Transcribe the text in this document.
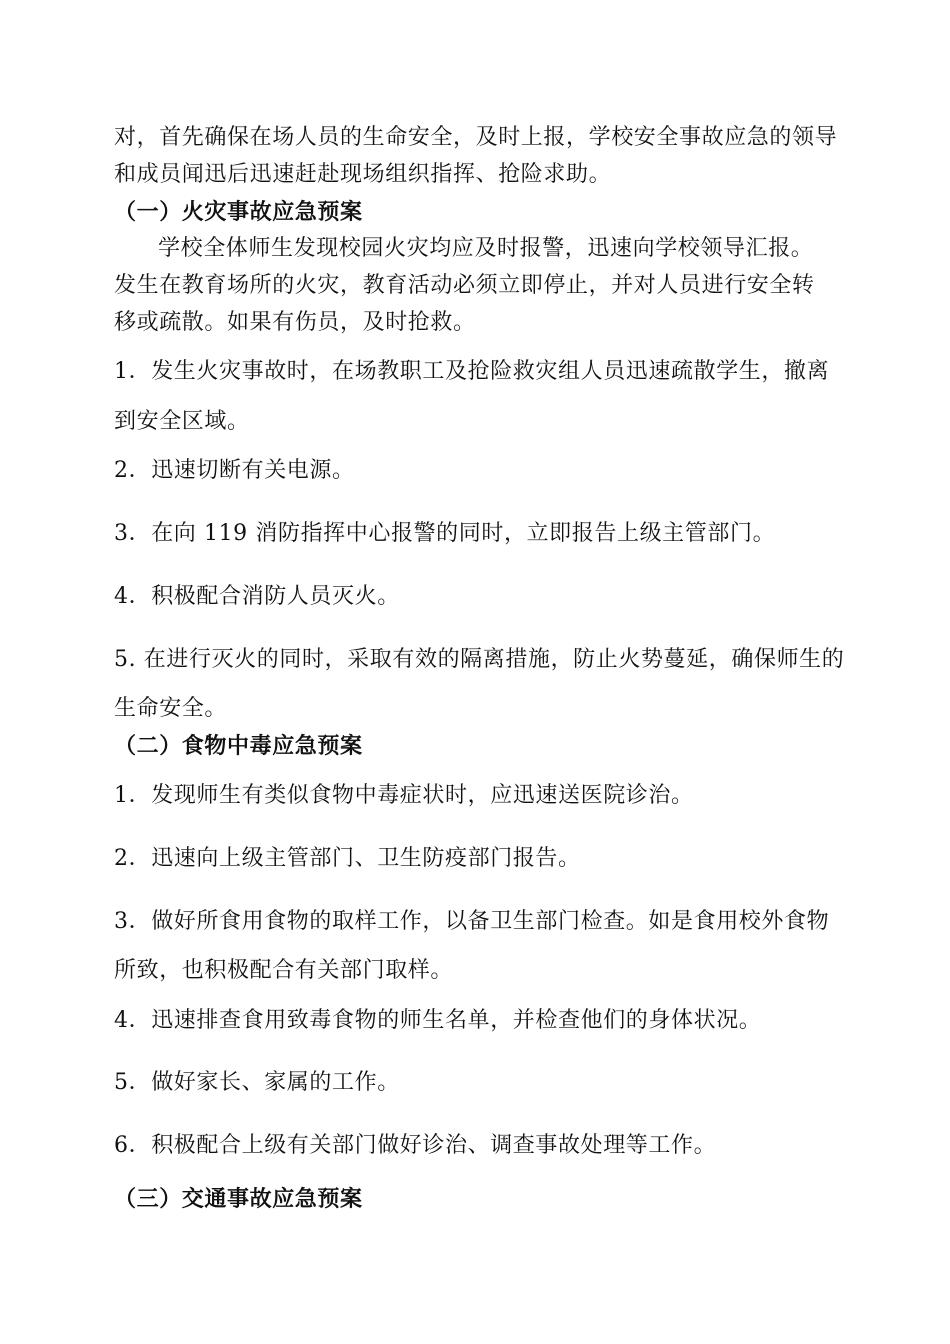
对，首先确保在场人员的生命安全，及时上报，学校安全事故应急的领导
和成员闻迅后迅速赶赴现场组织指挥、抢险求助。
（一）火灾事故应急预案
学校全体师生发现校园火灾均应及时报警，迅速向学校领导汇报。
发生在教育场所的火灾，教育活动必须立即停止，并对人员进行安全转
移或疏散。如果有伤员，及时抢救。
1．发生火灾事故时，在场教职工及抢险救灾组人员迅速疏散学生，撤离
到安全区域。
2．迅速切断有关电源。
3．在向 119 消防指挥中心报警的同时，立即报告上级主管部门。
4．积极配合消防人员灭火。
5. 在进行灭火的同时，采取有效的隔离措施，防止火势蔓延，确保师生的
生命安全。
（二）食物中毒应急预案
1．发现师生有类似食物中毒症状时，应迅速送医院诊治。
2．迅速向上级主管部门、卫生防疫部门报告。
3．做好所食用食物的取样工作，以备卫生部门检查。如是食用校外食物
所致，也积极配合有关部门取样。
4．迅速排查食用致毒食物的师生名单，并检查他们的身体状况。
5．做好家长、家属的工作。
6．积极配合上级有关部门做好诊治、调查事故处理等工作。
（三）交通事故应急预案
